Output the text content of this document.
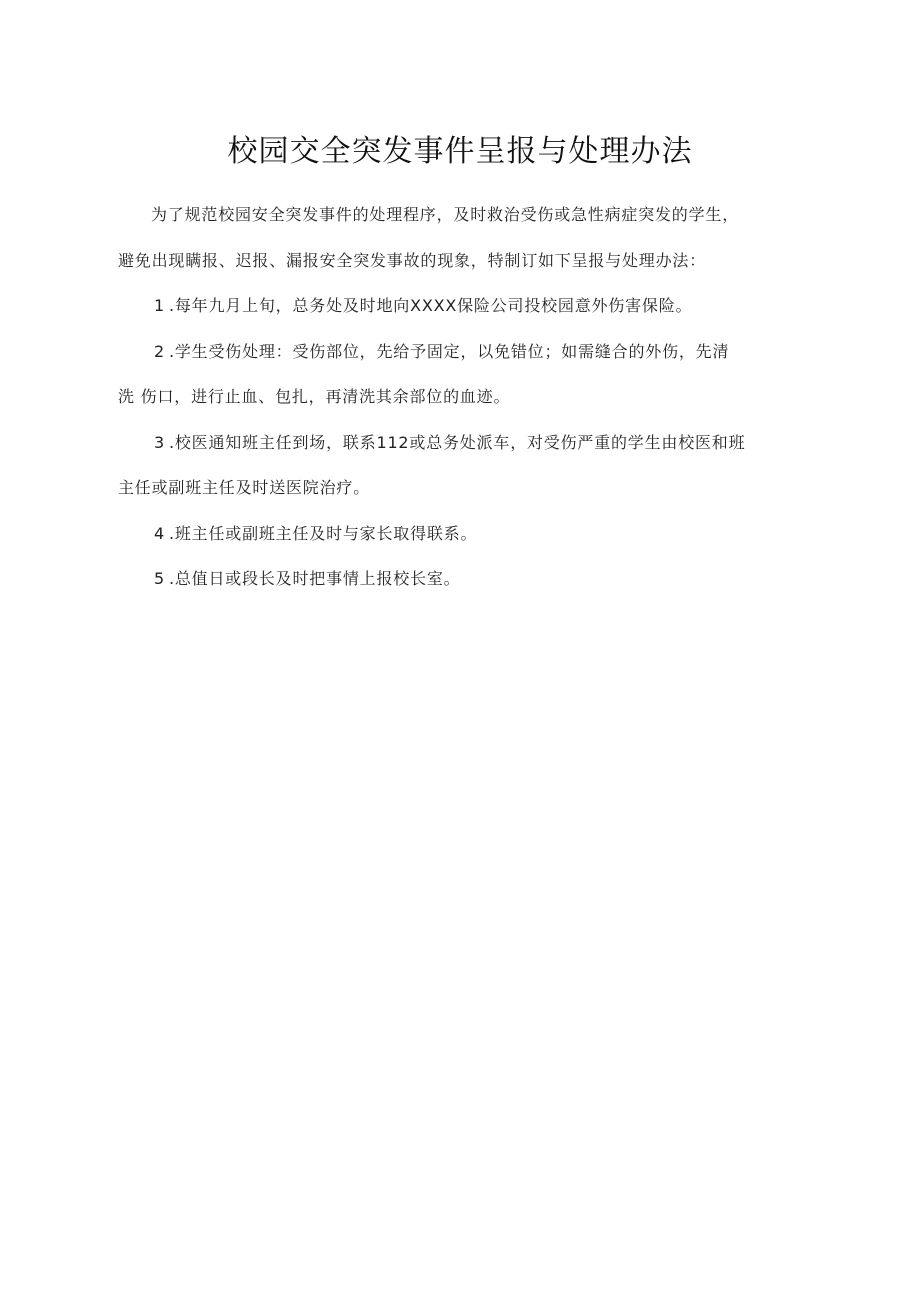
校园交全突发事件呈报与处理办法

为了规范校园安全突发事件的处理程序，及时救治受伤或急性病症突发的学生，
避免出现瞒报、迟报、漏报安全突发事故的现象，特制订如下呈报与处理办法：

1 .每年九月上旬，总务处及时地向XXXX保险公司投校园意外伤害保险。

2 .学生受伤处理：受伤部位，先给予固定，以免错位；如需缝合的外伤，先清
洗 伤口，进行止血、包扎，再清洗其余部位的血迹。

3 .校医通知班主任到场，联系112或总务处派车，对受伤严重的学生由校医和班
主任或副班主任及时送医院治疗。

4 .班主任或副班主任及时与家长取得联系。

5 .总值日或段长及时把事情上报校长室。
